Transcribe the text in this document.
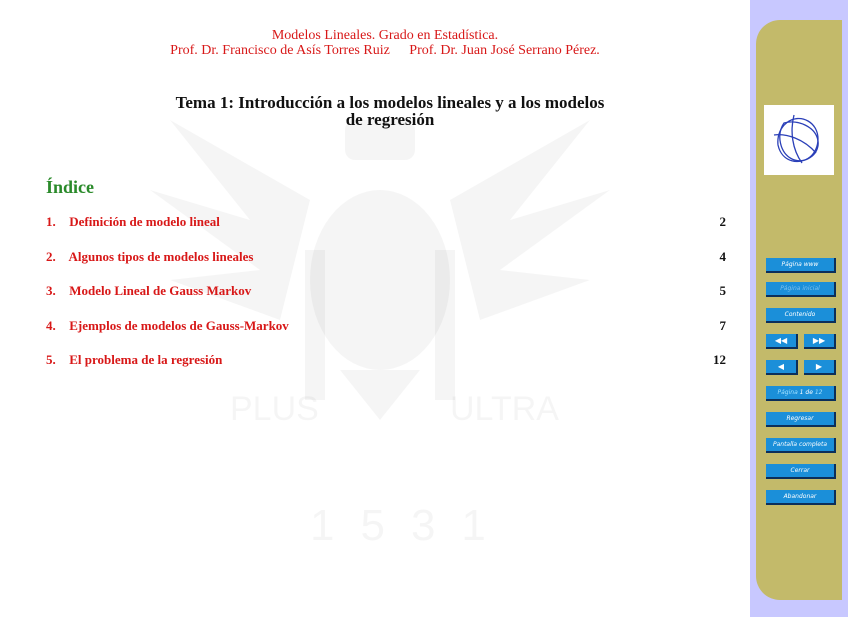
PLUS	ULTRA
1531
Modelos Lineales. Grado en Estadística.
Prof. Dr. Francisco de Asís Torres Ruiz Prof. Dr. Juan José Serrano Pérez.
Tema 1: Introducción a los modelos lineales y a los modelos
de regresión
Índice
1. Definición de modelo lineal	2
2. Algunos tipos de modelos lineales	4
3. Modelo Lineal de Gauss Markov	5
4. Ejemplos de modelos de Gauss-Markov	7
5. El problema de la regresión	12
Página www
Página inicial
Contenido
◀◀	▶▶
◀	▶
Página 1 de 12
Regresar
Pantalla completa
Cerrar
Abandonar
